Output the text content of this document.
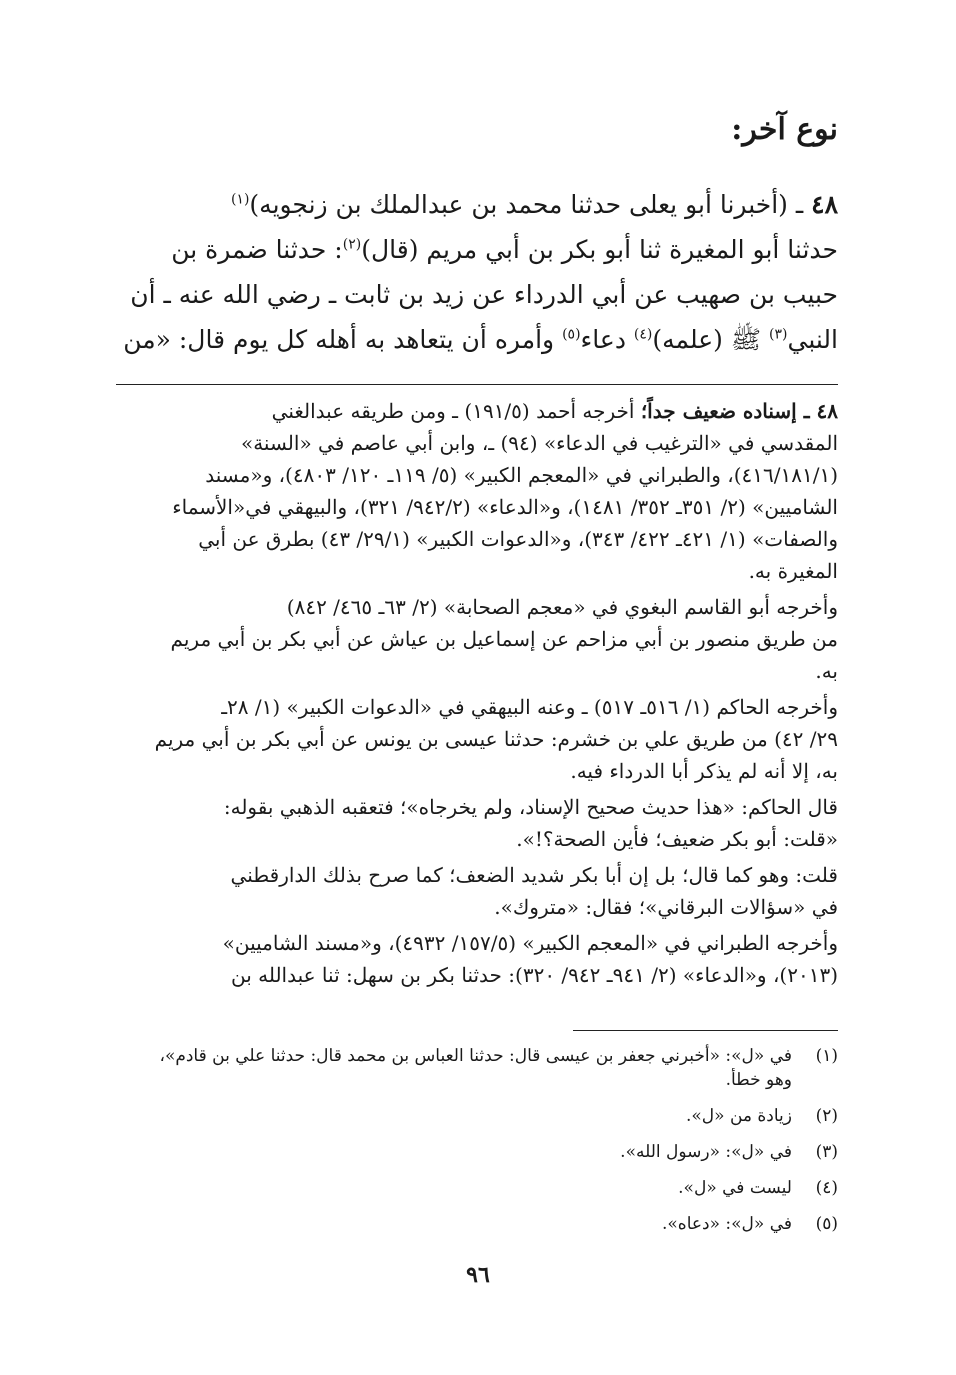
نوع آخر:
٤٨ ـ (أخبرنا أبو يعلى حدثنا محمد بن عبدالملك بن زنجويه)$^{(١)}$
حدثنا أبو المغيرة ثنا أبو بكر بن أبي مريم (قال)$^{(٢)}$: حدثنا ضمرة بن
حبيب بن صهيب عن أبي الدرداء عن زيد بن ثابت ـ رضي الله عنه ـ أن
النبي$^{(٣)}$ ﷺ (علمه)$^{(٤)}$ دعاء$^{(٥)}$ وأمره أن يتعاهد به أهله كل يوم قال: «من
٤٨ ـ إسناده ضعيف جداً؛ أخرجه أحمد (١٩١/٥) ـ ومن طريقه عبدالغني
المقدسي في «الترغيب في الدعاء» (٩٤) ـ، وابن أبي عاصم في «السنة»
(٤١٦/١٨١/١)، والطبراني في «المعجم الكبير» (٥/ ١١٩ـ ١٢٠/ ٤٨٠٣)، و«مسند
الشاميين» (٢/ ٣٥١ـ ٣٥٢/ ١٤٨١)، و«الدعاء» (٩٤٢/٢/ ٣٢١)، والبيهقي في«الأسماء
والصفات» (١/ ٤٢١ـ ٤٢٢/ ٣٤٣)، و«الدعوات الكبير» (٢٩/١/ ٤٣) بطرق عن أبي
المغيرة به.
وأخرجه أبو القاسم البغوي في «معجم الصحابة» (٢/ ٦٣ـ ٤٦٥/ ٨٤٢)
من طريق منصور بن أبي مزاحم عن إسماعيل بن عياش عن أبي بكر بن أبي مريم
به.
وأخرجه الحاكم (١/ ٥١٦ـ ٥١٧) ـ وعنه البيهقي في «الدعوات الكبير» (١/ ٢٨ـ
٢٩/ ٤٢) من طريق علي بن خشرم: حدثنا عيسى بن يونس عن أبي بكر بن أبي مريم
به، إلا أنه لم يذكر أبا الدرداء فيه.
قال الحاكم: «هذا حديث صحيح الإسناد، ولم يخرجاه»؛ فتعقبه الذهبي بقوله:
«قلت: أبو بكر ضعيف؛ فأين الصحة؟!».
قلت: وهو كما قال؛ بل إن أبا بكر شديد الضعف؛ كما صرح بذلك الدارقطني
في «سؤالات البرقاني»؛ فقال: «متروك».
وأخرجه الطبراني في «المعجم الكبير» (١٥٧/٥/ ٤٩٣٢)، و«مسند الشاميين»
(٢٠١٣)، و«الدعاء» (٢/ ٩٤١ـ ٩٤٢/ ٣٢٠): حدثنا بكر بن سهل: ثنا عبدالله بن
(١)
في «ل»: «أخبرني جعفر بن عيسى قال: حدثنا العباس بن محمد قال: حدثنا علي بن قادم»،
وهو خطأ.
(٢)
زيادة من «ل».
(٣)
في «ل»: «رسول الله».
(٤)
ليست في «ل».
(٥)
في «ل»: «دعاه».
٩٦
